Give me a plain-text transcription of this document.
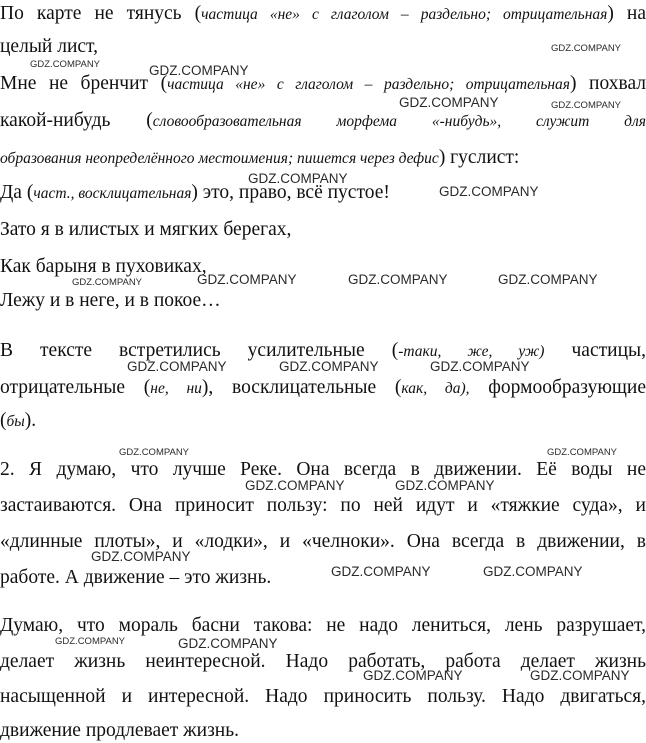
По карте не тянусь (частица «не» с глаголом – раздельно; отрицательная) на
целый лист,
Мне не бренчит (частица «не» с глаголом – раздельно; отрицательная) похвал
какой-нибудь (словообразовательная морфема «-нибудь», служит для
образования неопределённого местоимения; пишется через дефис) гуслист:
Да (част., восклицательная) это, право, всё пустое!
Зато я в илистых и мягких берегах,
Как барыня в пуховиках,
Лежу и в неге, и в покое…
В тексте встретились усилительные (-таки, же, уж) частицы,
отрицательные (не, ни), восклицательные (как, да), формообразующие
(бы).
2. Я думаю, что лучше Реке. Она всегда в движении. Её воды не
застаиваются. Она приносит пользу: по ней идут и «тяжкие суда», и
«длинные плоты», и «лодки», и «челноки». Она всегда в движении, в
работе. А движение – это жизнь.
Думаю, что мораль басни такова: не надо лениться, лень разрушает,
делает жизнь неинтересной. Надо работать, работа делает жизнь
насыщенной и интересной. Надо приносить пользу. Надо двигаться,
движение продлевает жизнь.
GDZ.COMPANY
GDZ.COMPANY	GDZ.COMPANY
GDZ.COMPANY	GDZ.COMPANY
GDZ.COMPANY
GDZ.COMPANY
GDZ.COMPANY	GDZ.COMPANY	GDZ.COMPANY	GDZ.COMPANY
GDZ.COMPANY	GDZ.COMPANY	GDZ.COMPANY
GDZ.COMPANY	GDZ.COMPANY
GDZ.COMPANY	GDZ.COMPANY
GDZ.COMPANY
GDZ.COMPANY	GDZ.COMPANY
GDZ.COMPANY	GDZ.COMPANY
GDZ.COMPANY	GDZ.COMPANY
